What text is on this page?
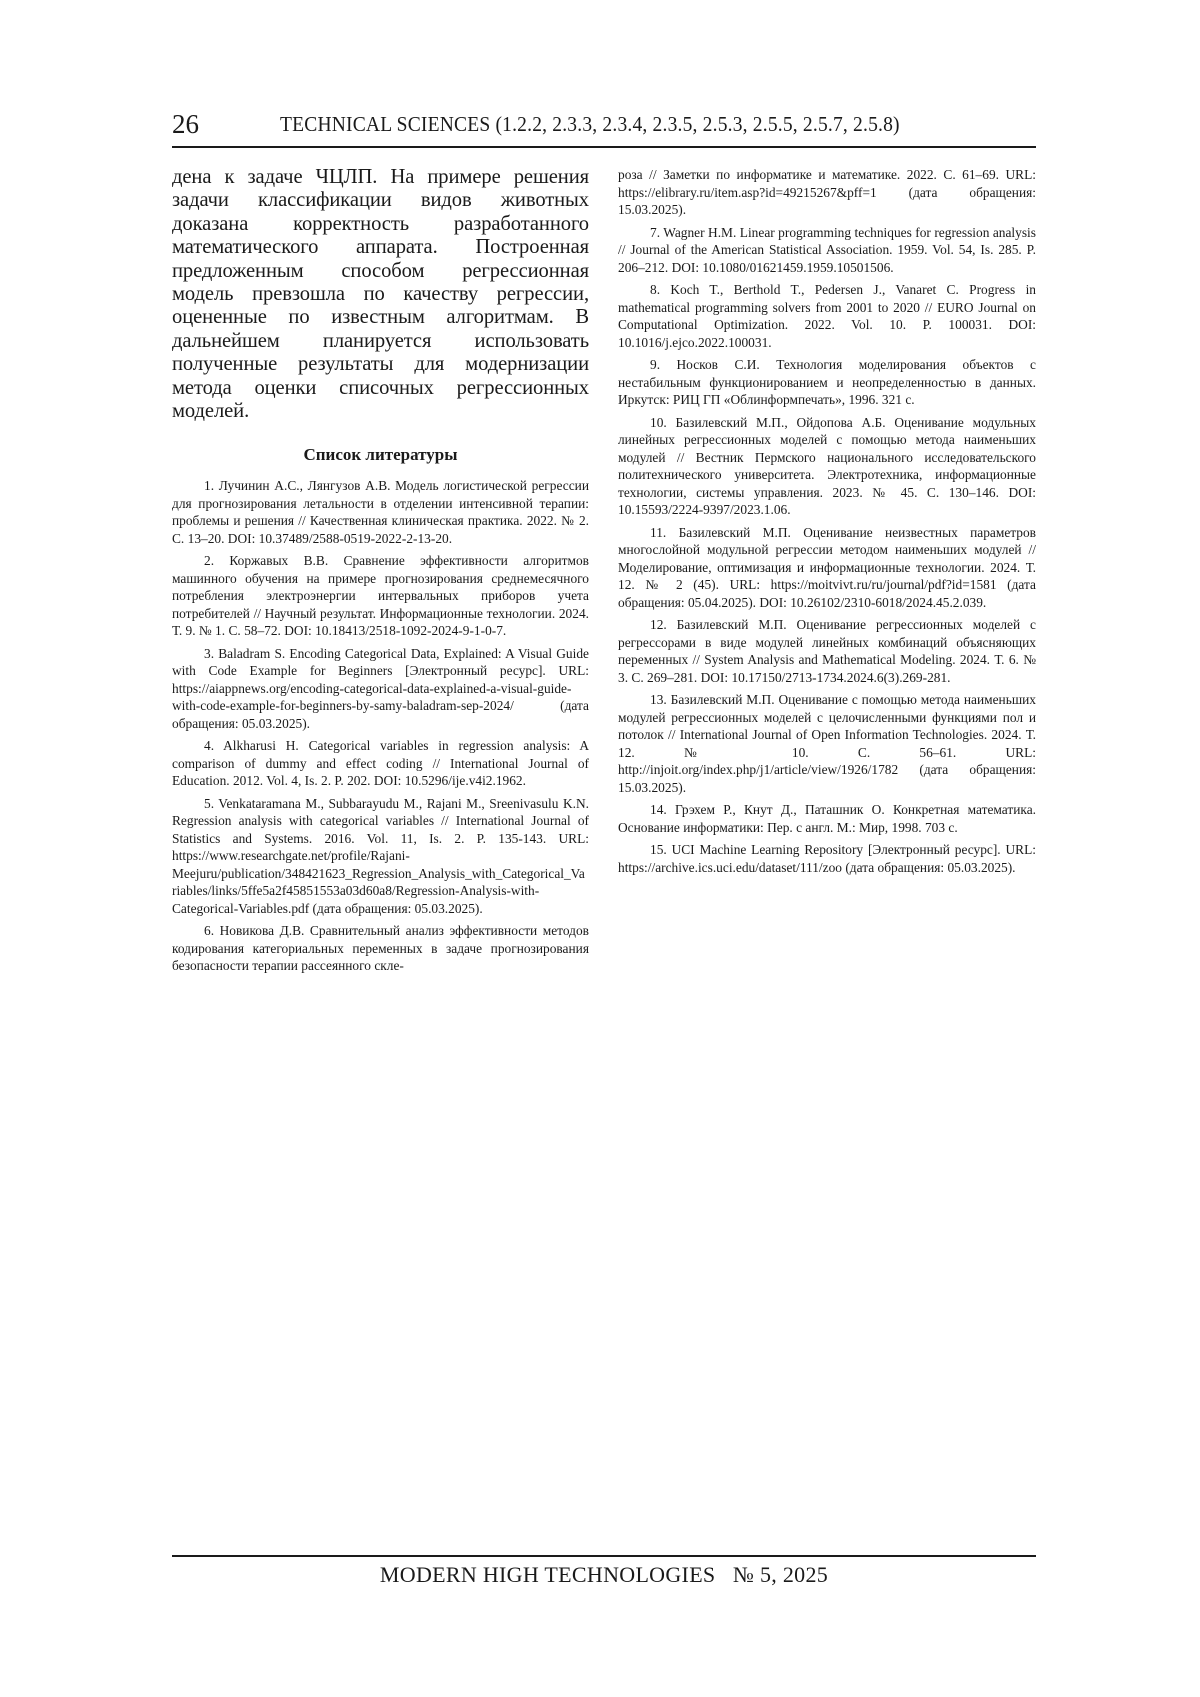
26	TECHNICAL SCIENCES (1.2.2, 2.3.3, 2.3.4, 2.3.5, 2.5.3, 2.5.5, 2.5.7, 2.5.8)

дена к задаче ЧЦЛП. На примере решения задачи классификации видов животных доказана корректность разработанного математического аппарата. Построенная предложенным способом регрессионная модель превзошла по качеству регрессии, оцененные по известным алгоритмам. В дальнейшем планируется использовать полученные результаты для модернизации метода оценки списочных регрессионных моделей.

Список литературы

1. Лучинин А.С., Лянгузов А.В. Модель логистической регрессии для прогнозирования летальности в отделении интенсивной терапии: проблемы и решения // Качественная клиническая практика. 2022. № 2. С. 13–20. DOI: 10.37489/2588-0519-2022-2-13-20.

2. Коржавых В.В. Сравнение эффективности алгоритмов машинного обучения на примере прогнозирования среднемесячного потребления электроэнергии интервальных приборов учета потребителей // Научный результат. Информационные технологии. 2024. Т. 9. № 1. С. 58–72. DOI: 10.18413/2518-1092-2024-9-1-0-7.

3. Baladram S. Encoding Categorical Data, Explained: A Visual Guide with Code Example for Beginners [Электронный ресурс]. URL: https://aiappnews.org/encoding-categorical-data-explained-a-visual-guide-with-code-example-for-beginners-by-samy-baladram-sep-2024/ (дата обращения: 05.03.2025).

4. Alkharusi H. Categorical variables in regression analysis: A comparison of dummy and effect coding // International Journal of Education. 2012. Vol. 4, Is. 2. P. 202. DOI: 10.5296/ije.v4i2.1962.

5. Venkataramana M., Subbarayudu M., Rajani M., Sreenivasulu K.N. Regression analysis with categorical variables // International Journal of Statistics and Systems. 2016. Vol. 11, Is. 2. P. 135-143. URL: https://www.researchgate.net/profile/Rajani-Meejuru/publication/348421623_Regression_Analysis_with_Categorical_Variables/links/5ffe5a2f45851553a03d60a8/Regression-Analysis-with-Categorical-Variables.pdf (дата обращения: 05.03.2025).

6. Новикова Д.В. Сравнительный анализ эффективности методов кодирования категориальных переменных в задаче прогнозирования безопасности терапии рассеянного скле-

роза // Заметки по информатике и математике. 2022. С. 61–69. URL: https://elibrary.ru/item.asp?id=49215267&pff=1 (дата обращения: 15.03.2025).

7. Wagner H.M. Linear programming techniques for regression analysis // Journal of the American Statistical Association. 1959. Vol. 54, Is. 285. P. 206–212. DOI: 10.1080/01621459.1959.10501506.

8. Koch T., Berthold T., Pedersen J., Vanaret C. Progress in mathematical programming solvers from 2001 to 2020 // EURO Journal on Computational Optimization. 2022. Vol. 10. P. 100031. DOI: 10.1016/j.ejco.2022.100031.

9. Носков С.И. Технология моделирования объектов с нестабильным функционированием и неопределенностью в данных. Иркутск: РИЦ ГП «Облинформпечать», 1996. 321 с.

10. Базилевский М.П., Ойдопова А.Б. Оценивание модульных линейных регрессионных моделей с помощью метода наименьших модулей // Вестник Пермского национального исследовательского политехнического университета. Электротехника, информационные технологии, системы управления. 2023. № 45. С. 130–146. DOI: 10.15593/2224-9397/2023.1.06.

11. Базилевский М.П. Оценивание неизвестных параметров многослойной модульной регрессии методом наименьших модулей // Моделирование, оптимизация и информационные технологии. 2024. Т. 12. № 2 (45). URL: https://moitvivt.ru/ru/journal/pdf?id=1581 (дата обращения: 05.04.2025). DOI: 10.26102/2310-6018/2024.45.2.039.

12. Базилевский М.П. Оценивание регрессионных моделей с регрессорами в виде модулей линейных комбинаций объясняющих переменных // System Analysis and Mathematical Modeling. 2024. Т. 6. № 3. С. 269–281. DOI: 10.17150/2713-1734.2024.6(3).269-281.

13. Базилевский М.П. Оценивание с помощью метода наименьших модулей регрессионных моделей с целочисленными функциями пол и потолок // International Journal of Open Information Technologies. 2024. Т. 12. № 10. С. 56–61. URL: http://injoit.org/index.php/j1/article/view/1926/1782 (дата обращения: 15.03.2025).

14. Грэхем Р., Кнут Д., Паташник О. Конкретная математика. Основание информатики: Пер. с англ. М.: Мир, 1998. 703 с.

15. UCI Machine Learning Repository [Электронный ресурс]. URL: https://archive.ics.uci.edu/dataset/111/zoo (дата обращения: 05.03.2025).

MODERN HIGH TECHNOLOGIES № 5, 2025
